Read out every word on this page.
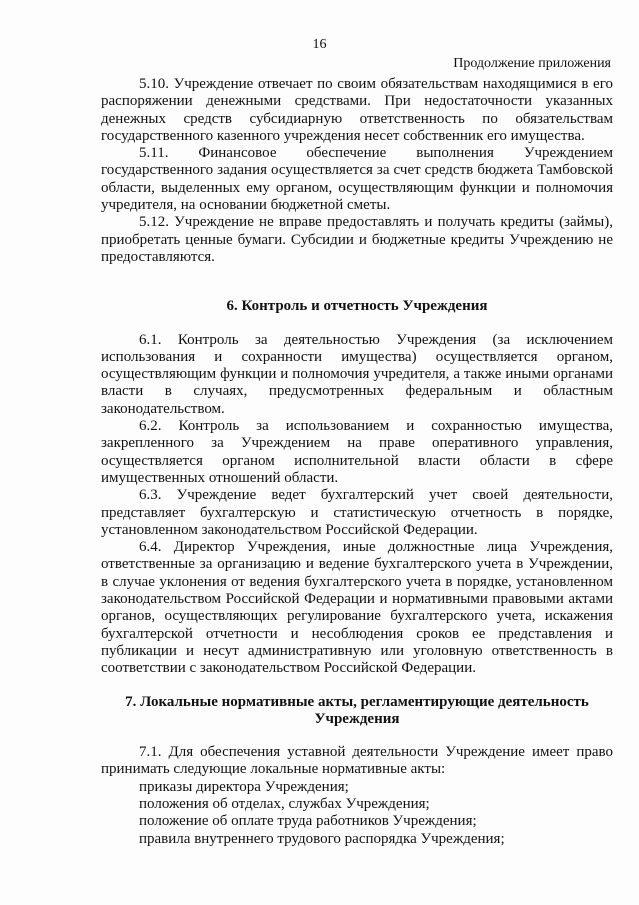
16
Продолжение приложения

5.10. Учреждение отвечает по своим обязательствам находящимися в его распоряжении денежными средствами. При недостаточности указанных денежных средств субсидиарную ответственность по обязательствам государственного казенного учреждения несет собственник его имущества.

5.11. Финансовое обеспечение выполнения Учреждением государственного задания осуществляется за счет средств бюджета Тамбовской области, выделенных ему органом, осуществляющим функции и полномочия учредителя, на основании бюджетной сметы.

5.12. Учреждение не вправе предоставлять и получать кредиты (займы), приобретать ценные бумаги. Субсидии и бюджетные кредиты Учреждению не предоставляются.

6. Контроль и отчетность Учреждения

6.1. Контроль за деятельностью Учреждения (за исключением использования и сохранности имущества) осуществляется органом, осуществляющим функции и полномочия учредителя, а также иными органами власти в случаях, предусмотренных федеральным и областным законодательством.

6.2. Контроль за использованием и сохранностью имущества, закрепленного за Учреждением на праве оперативного управления, осуществляется органом исполнительной власти области в сфере имущественных отношений области.

6.3. Учреждение ведет бухгалтерский учет своей деятельности, представляет бухгалтерскую и статистическую отчетность в порядке, установленном законодательством Российской Федерации.

6.4. Директор Учреждения, иные должностные лица Учреждения, ответственные за организацию и ведение бухгалтерского учета в Учреждении, в случае уклонения от ведения бухгалтерского учета в порядке, установленном законодательством Российской Федерации и нормативными правовыми актами органов, осуществляющих регулирование бухгалтерского учета, искажения бухгалтерской отчетности и несоблюдения сроков ее представления и публикации и несут административную или уголовную ответственность в соответствии с законодательством Российской Федерации.

7. Локальные нормативные акты, регламентирующие деятельность Учреждения

7.1. Для обеспечения уставной деятельности Учреждение имеет право принимать следующие локальные нормативные акты:

приказы директора Учреждения;
положения об отделах, службах Учреждения;
положение об оплате труда работников Учреждения;
правила внутреннего трудового распорядка Учреждения;
